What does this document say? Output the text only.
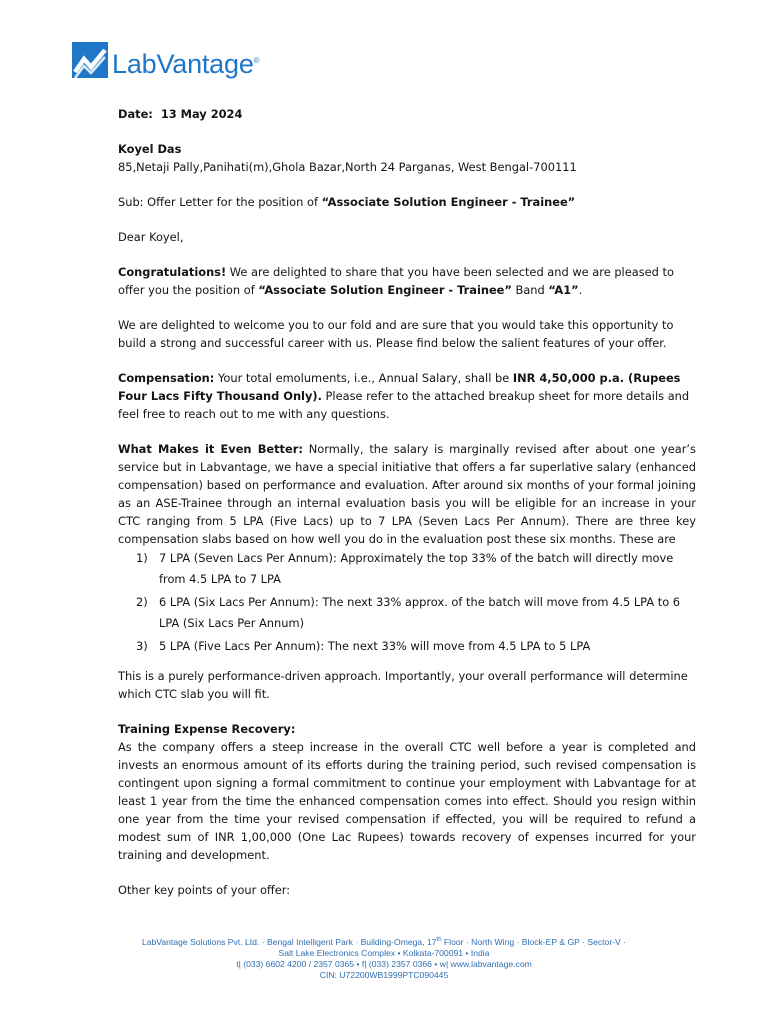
LabVantage®

Date: 13 May 2024

Koyel Das

85,Netaji Pally,Panihati(m),Ghola Bazar,North 24 Parganas, West Bengal-700111

Sub: Offer Letter for the position of “Associate Solution Engineer - Trainee”

Dear Koyel,

Congratulations! We are delighted to share that you have been selected and we are pleased to offer you the position of “Associate Solution Engineer - Trainee” Band “A1”.

We are delighted to welcome you to our fold and are sure that you would take this opportunity to build a strong and successful career with us. Please find below the salient features of your offer.

Compensation: Your total emoluments, i.e., Annual Salary, shall be INR 4,50,000 p.a. (Rupees Four Lacs Fifty Thousand Only). Please refer to the attached breakup sheet for more details and feel free to reach out to me with any questions.

What Makes it Even Better: Normally, the salary is marginally revised after about one year’s service but in Labvantage, we have a special initiative that offers a far superlative salary (enhanced compensation) based on performance and evaluation. After around six months of your formal joining as an ASE-Trainee through an internal evaluation basis you will be eligible for an increase in your CTC ranging from 5 LPA (Five Lacs) up to 7 LPA (Seven Lacs Per Annum). There are three key compensation slabs based on how well you do in the evaluation post these six months. These are

1) 7 LPA (Seven Lacs Per Annum): Approximately the top 33% of the batch will directly move from 4.5 LPA to 7 LPA
2) 6 LPA (Six Lacs Per Annum): The next 33% approx. of the batch will move from 4.5 LPA to 6 LPA (Six Lacs Per Annum)
3) 5 LPA (Five Lacs Per Annum): The next 33% will move from 4.5 LPA to 5 LPA

This is a purely performance-driven approach. Importantly, your overall performance will determine which CTC slab you will fit.

Training Expense Recovery:

As the company offers a steep increase in the overall CTC well before a year is completed and invests an enormous amount of its efforts during the training period, such revised compensation is contingent upon signing a formal commitment to continue your employment with Labvantage for at least 1 year from the time the enhanced compensation comes into effect. Should you resign within one year from the time your revised compensation if effected, you will be required to refund a modest sum of INR 1,00,000 (One Lac Rupees) towards recovery of expenses incurred for your training and development.

Other key points of your offer:

LabVantage Solutions Pvt. Ltd. · Bengal Intelligent Park · Building-Omega, 17th Floor · North Wing · Block-EP & GP · Sector-V ·
Salt Lake Electronics Complex • Kolkata-700091 • India
t| (033) 6602 4200 / 2357 0365 • f| (033) 2357 0366 • w| www.labvantage.com
CIN: U72200WB1999PTC090445
